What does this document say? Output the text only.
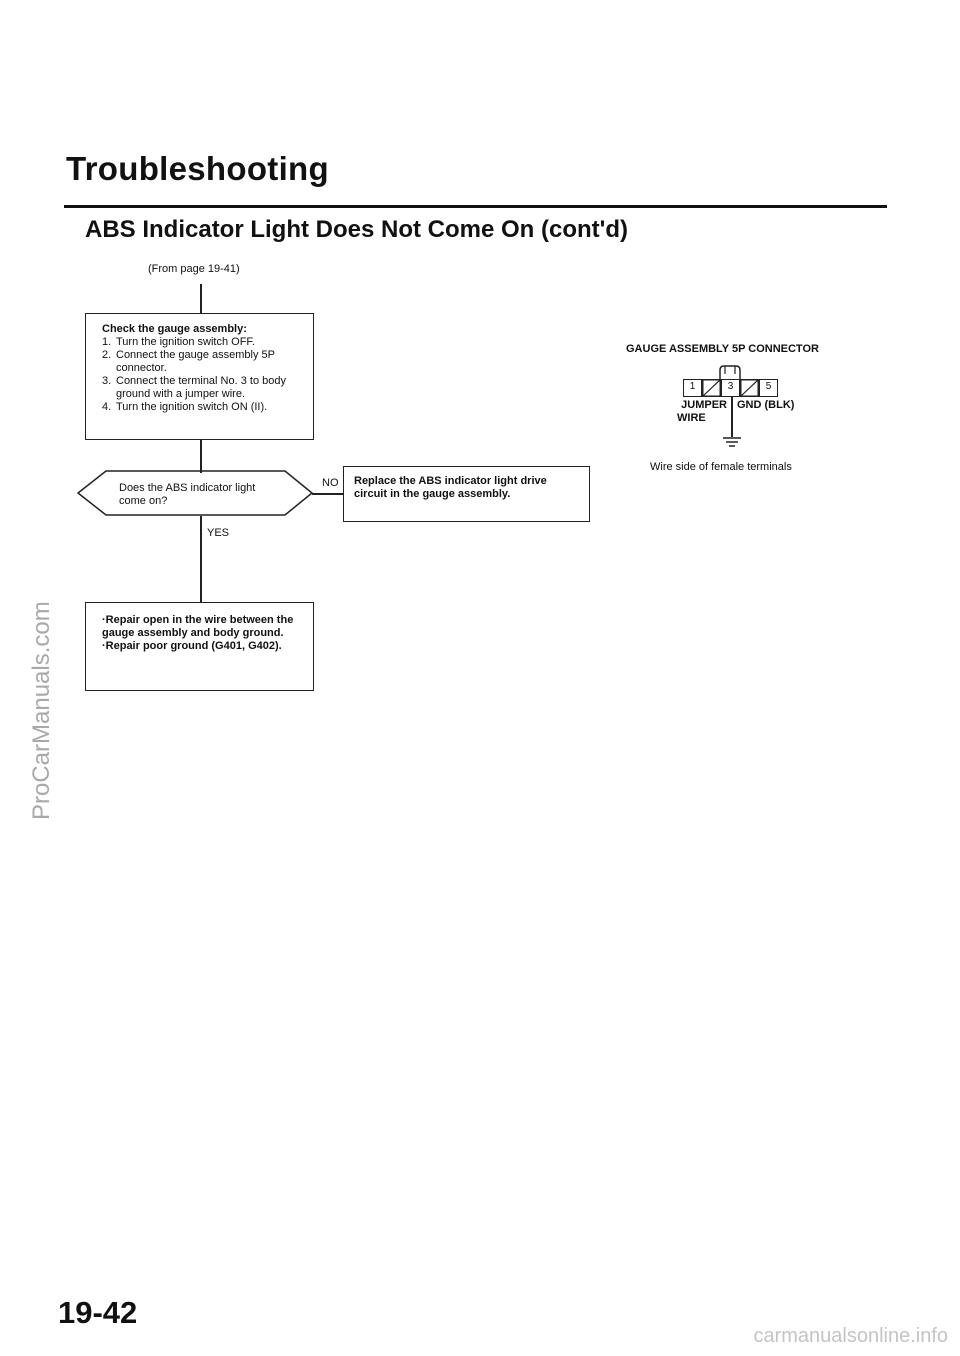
Troubleshooting
ABS Indicator Light Does Not Come On (cont'd)
(From page 19-41)
Check the gauge assembly:
1. Turn the ignition switch OFF.
2. Connect the gauge assembly 5P connector.
3. Connect the terminal No. 3 to body ground with a jumper wire.
4. Turn the ignition switch ON (II).
Does the ABS indicator light come on?
NO Replace the ABS indicator light drive circuit in the gauge assembly.
YES
·Repair open in the wire between the gauge assembly and body ground.
·Repair poor ground (G401, G402).
GAUGE ASSEMBLY 5P CONNECTOR
1	3	5
JUMPER
WIRE
GND (BLK)
Wire side of female terminals
19-42
ProCarManuals.com
carmanualsonline.info
